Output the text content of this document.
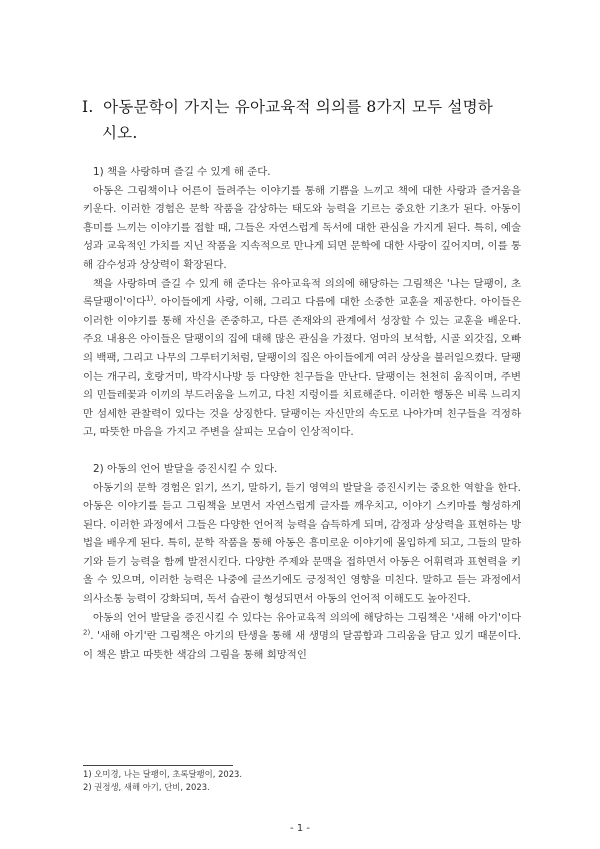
I. 아동문학이 가지는 유아교육적 의의를 8가지 모두 설명하
시오.

1) 책을 사랑하며 즐길 수 있게 해 준다.

아동은 그림책이나 어른이 들려주는 이야기를 통해 기쁨을 느끼고 책에 대한 사랑과 즐거움을 키운다. 이러한 경험은 문학 작품을 감상하는 태도와 능력을 기르는 중요한 기초가 된다. 아동이 흥미를 느끼는 이야기를 접할 때, 그들은 자연스럽게 독서에 대한 관심을 가지게 된다. 특히, 예술성과 교육적인 가치를 지닌 작품을 지속적으로 만나게 되면 문학에 대한 사랑이 깊어지며, 이를 통해 감수성과 상상력이 확장된다.

책을 사랑하며 즐길 수 있게 해 준다는 유아교육적 의의에 해당하는 그림책은 '나는 달팽이, 초록달팽이'이다$^{1)}$. 아이들에게 사랑, 이해, 그리고 다름에 대한 소중한 교훈을 제공한다. 아이들은 이러한 이야기를 통해 자신을 존중하고, 다른 존재와의 관계에서 성장할 수 있는 교훈을 배운다. 주요 내용은 아이들은 달팽이의 집에 대해 많은 관심을 가졌다. 엄마의 보석함, 시골 외갓집, 오빠의 백팩, 그리고 나무의 그루터기처럼, 달팽이의 집은 아이들에게 여러 상상을 불러일으켰다. 달팽이는 개구리, 호랑거미, 박각시나방 등 다양한 친구들을 만난다. 달팽이는 천천히 움직이며, 주변의 민들레꽃과 이끼의 부드러움을 느끼고, 다친 지렁이를 치료해준다. 이러한 행동은 비록 느리지만 섬세한 관찰력이 있다는 것을 상징한다. 달팽이는 자신만의 속도로 나아가며 친구들을 걱정하고, 따뜻한 마음을 가지고 주변을 살피는 모습이 인상적이다.

2) 아동의 언어 발달을 증진시킬 수 있다.

아동기의 문학 경험은 읽기, 쓰기, 말하기, 듣기 영역의 발달을 증진시키는 중요한 역할을 한다. 아동은 이야기를 듣고 그림책을 보면서 자연스럽게 글자를 깨우치고, 이야기 스키마를 형성하게 된다. 이러한 과정에서 그들은 다양한 언어적 능력을 습득하게 되며, 감정과 상상력을 표현하는 방법을 배우게 된다. 특히, 문학 작품을 통해 아동은 흥미로운 이야기에 몰입하게 되고, 그들의 말하기와 듣기 능력을 함께 발전시킨다. 다양한 주제와 문맥을 접하면서 아동은 어휘력과 표현력을 키울 수 있으며, 이러한 능력은 나중에 글쓰기에도 긍정적인 영향을 미친다. 말하고 듣는 과정에서 의사소통 능력이 강화되며, 독서 습관이 형성되면서 아동의 언어적 이해도도 높아진다.

아동의 언어 발달을 증진시킬 수 있다는 유아교육적 의의에 해당하는 그림책은 '새해 아기'이다$^{2)}$. '새해 아기'란 그림책은 아기의 탄생을 통해 새 생명의 달콤함과 그리움을 담고 있기 때문이다. 이 책은 밝고 따뜻한 색감의 그림을 통해 희망적인

1) 오미경, 나는 달팽이, 초록달팽이, 2023.

2) 권정생, 새해 아기, 단비, 2023.

- 1 -
